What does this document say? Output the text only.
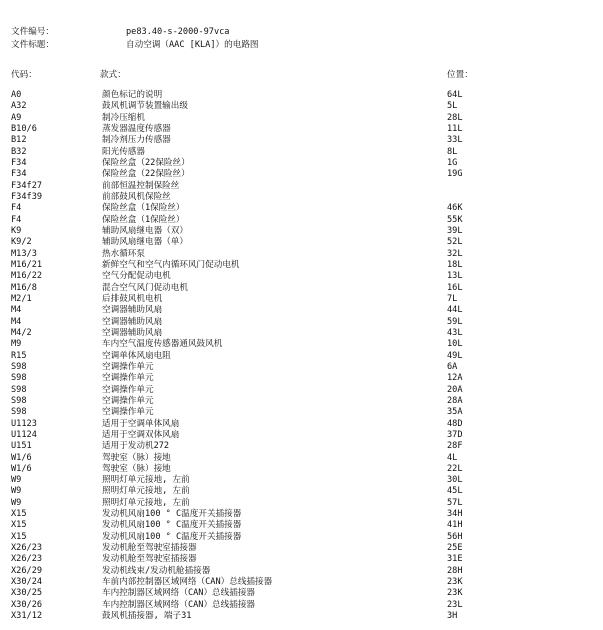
文件编号：	pe83.40-s-2000-97vca
文件标题：	自动空调（AAC [KLA]）的电路图
代码：	款式：	位置：
A0	颜色标记的说明	64L
A32	鼓风机调节装置输出级	5L
A9	制冷压缩机	28L
B10/6	蒸发器温度传感器	11L
B12	制冷剂压力传感器	33L
B32	阳光传感器	8L
F34	保险丝盒（22保险丝）	1G
F34	保险丝盒（22保险丝）	19G
F34f27	前部恒温控制保险丝
F34f39	前部鼓风机保险丝
F4	保险丝盒（1保险丝）	46K
F4	保险丝盒（1保险丝）	55K
K9	辅助风扇继电器（双）	39L
K9/2	辅助风扇继电器（单）	52L
M13/3	热水循环泵	32L
M16/21	新鲜空气和空气内循环风门促动电机	18L
M16/22	空气分配促动电机	13L
M16/8	混合空气风门促动电机	16L
M2/1	后排鼓风机电机	7L
M4	空调器辅助风扇	44L
M4	空调器辅助风扇	59L
M4/2	空调器辅助风扇	43L
M9	车内空气温度传感器通风鼓风机	10L
R15	空调单体风扇电阻	49L
S98	空调操作单元	6A
S98	空调操作单元	12A
S98	空调操作单元	20A
S98	空调操作单元	28A
S98	空调操作单元	35A
U1123	适用于空调单体风扇	48D
U1124	适用于空调双体风扇	37D
U151	适用于发动机272	28F
W1/6	驾驶室（脉）接地	4L
W1/6	驾驶室（脉）接地	22L
W9	照明灯单元接地, 左前	30L
W9	照明灯单元接地, 左前	45L
W9	照明灯单元接地, 左前	57L
X15	发动机风扇100 ° C温度开关插接器	34H
X15	发动机风扇100 ° C温度开关插接器	41H
X15	发动机风扇100 ° C温度开关插接器	56H
X26/23	发动机舱至驾驶室插接器	25E
X26/23	发动机舱至驾驶室插接器	31E
X26/29	发动机线束/发动机舱插接器	28H
X30/24	车前内部控制器区域网络（CAN）总线插接器	23K
X30/25	车内控制器区域网络（CAN）总线插接器	23K
X30/26	车内控制器区域网络（CAN）总线插接器	23L
X31/12	鼓风机插接器, 端子31	3H
